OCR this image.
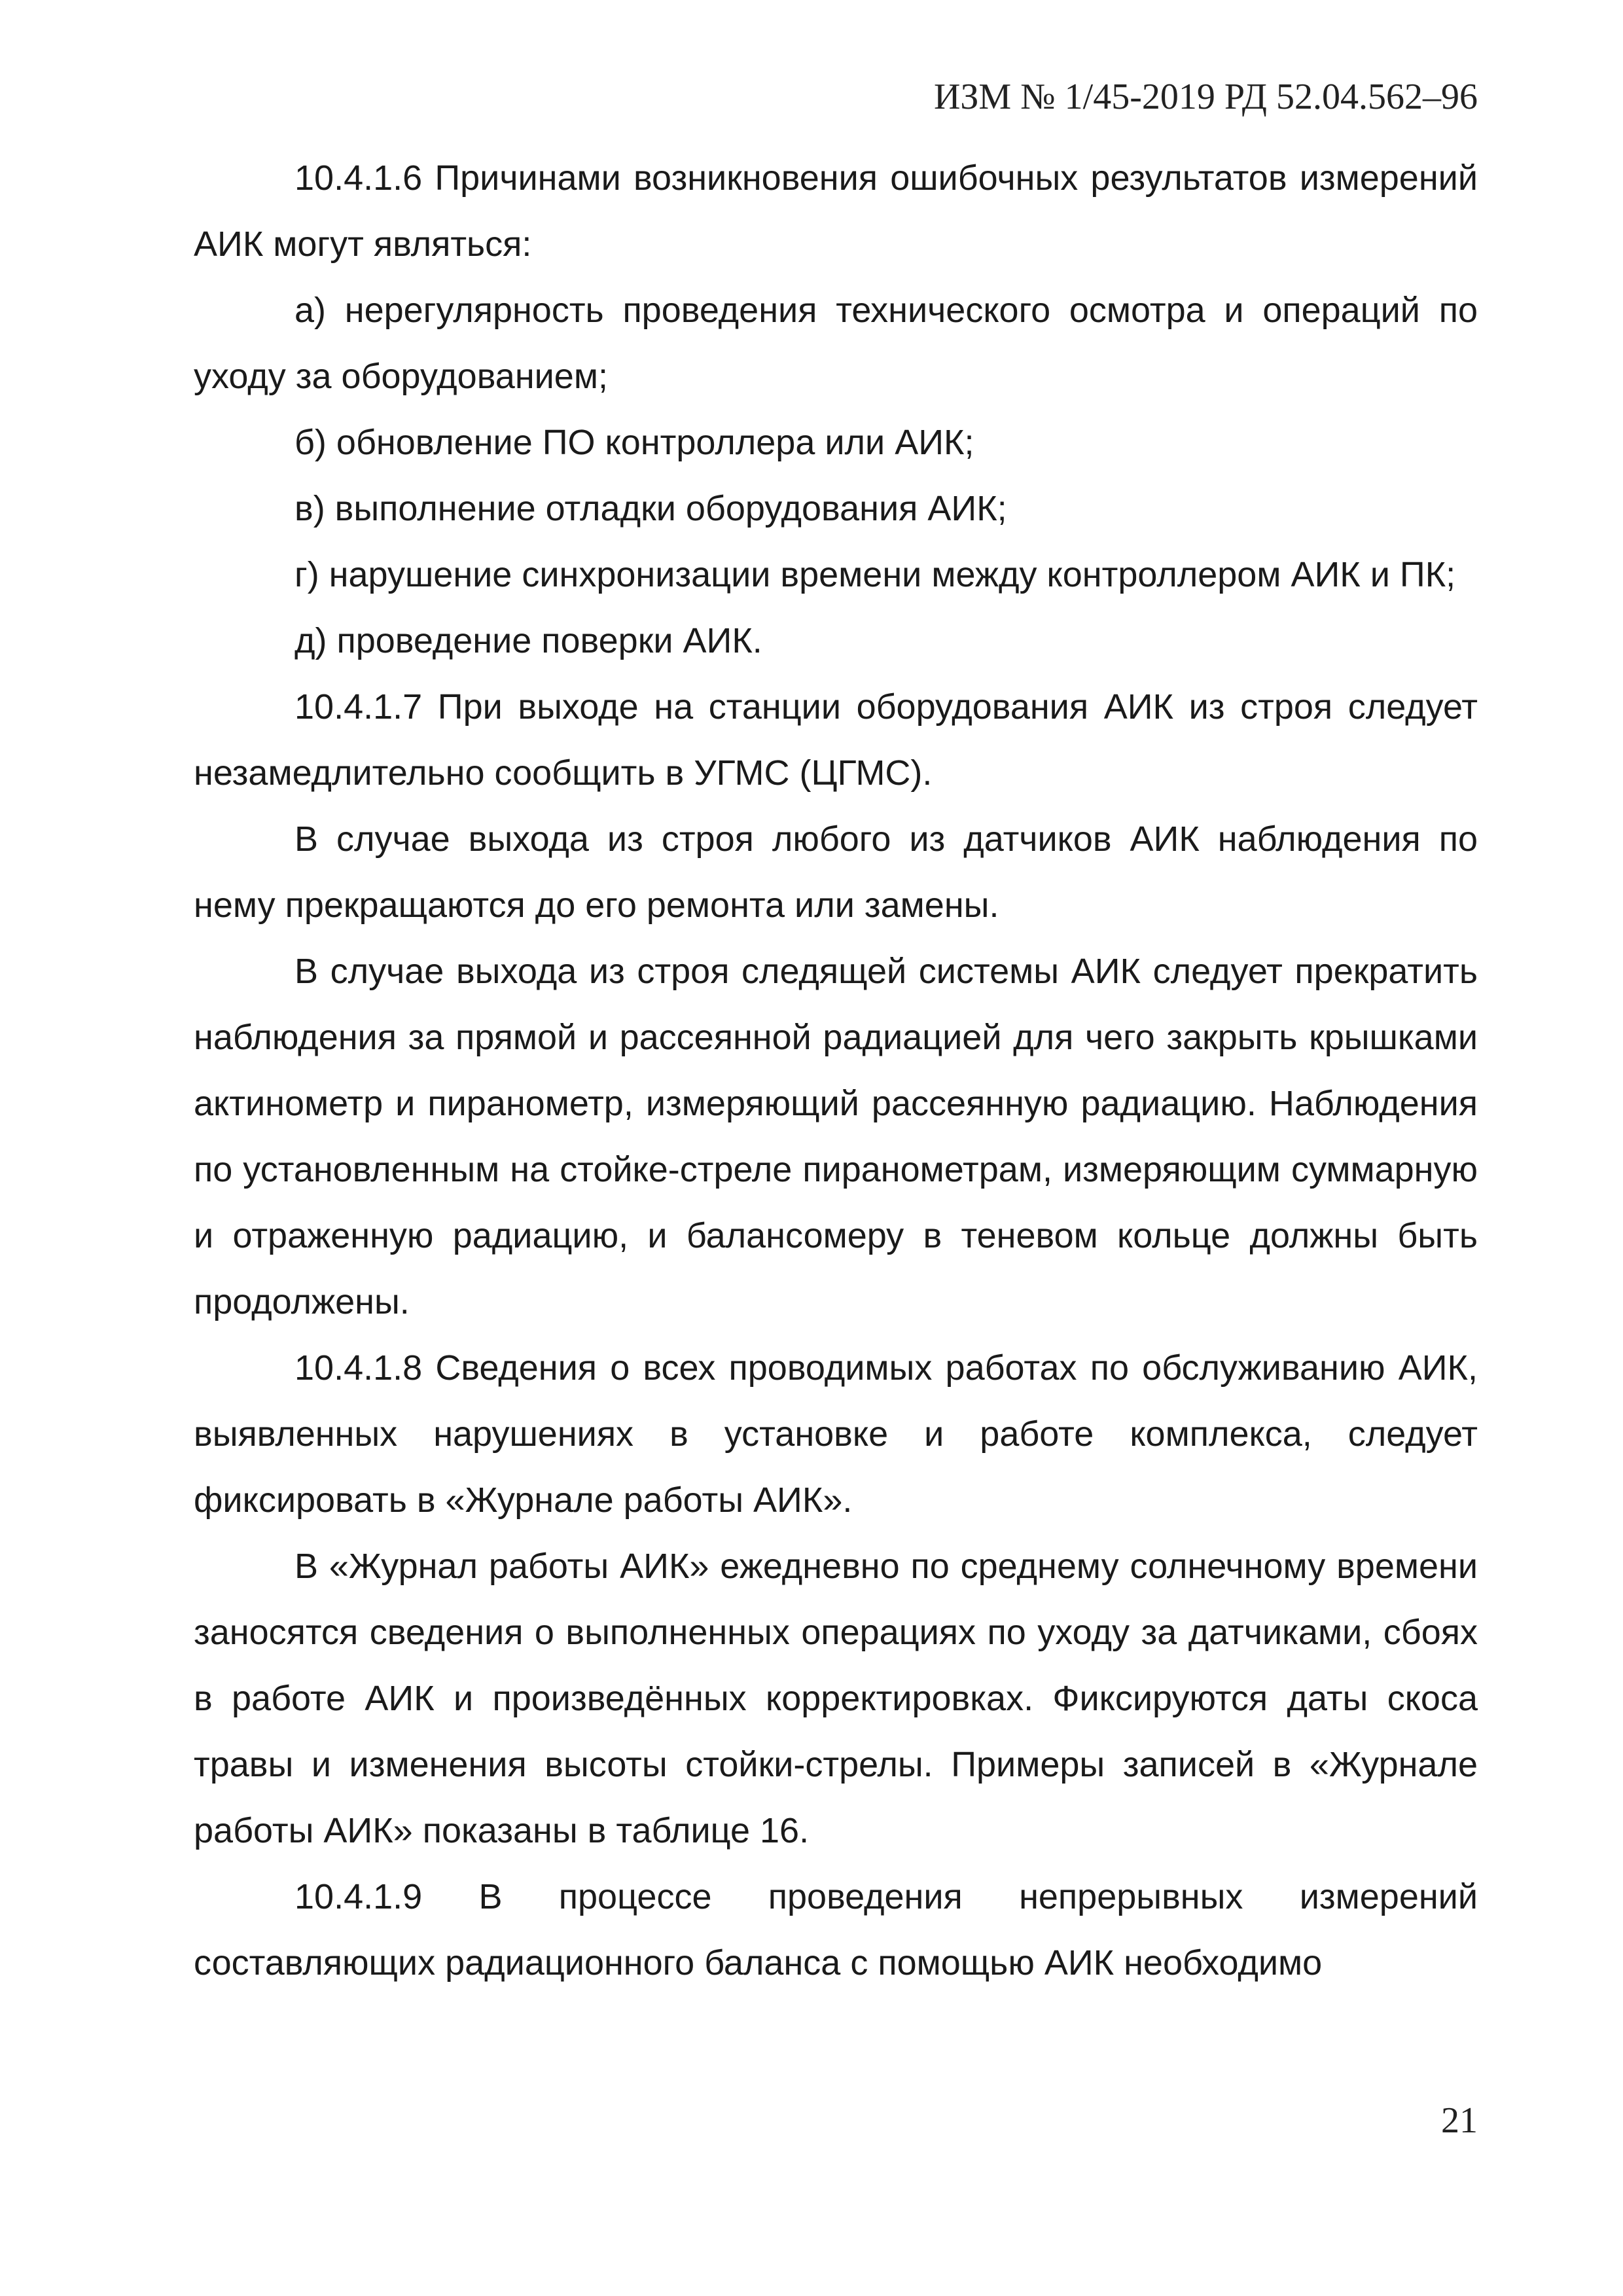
ИЗМ № 1/45-2019 РД 52.04.562–96

10.4.1.6 Причинами возникновения ошибочных результатов измерений АИК могут являться:

а) нерегулярность проведения технического осмотра и операций по уходу за оборудованием;

б) обновление ПО контроллера или АИК;

в) выполнение отладки оборудования АИК;

г) нарушение синхронизации времени между контроллером АИК и ПК;

д) проведение поверки АИК.

10.4.1.7 При выходе на станции оборудования АИК из строя следует незамедлительно сообщить в УГМС (ЦГМС).

В случае выхода из строя любого из датчиков АИК наблюдения по нему прекращаются до его ремонта или замены.

В случае выхода из строя следящей системы АИК следует прекратить наблюдения за прямой и рассеянной радиацией для чего закрыть крышками актинометр и пиранометр, измеряющий рассеянную радиацию. Наблюдения по установленным на стойке-стреле пиранометрам, измеряющим суммарную и отраженную радиацию, и балансомеру в теневом кольце должны быть продолжены.

10.4.1.8 Сведения о всех проводимых работах по обслуживанию АИК, выявленных нарушениях в установке и работе комплекса, следует фиксировать в «Журнале работы АИК».

В «Журнал работы АИК» ежедневно по среднему солнечному времени заносятся сведения о выполненных операциях по уходу за датчиками, сбоях в работе АИК и произведённых корректировках. Фиксируются даты скоса травы и изменения высоты стойки-стрелы. Примеры записей в «Журнале работы АИК» показаны в таблице 16.

10.4.1.9 В процессе проведения непрерывных измерений составляющих радиационного баланса с помощью АИК необходимо

21
